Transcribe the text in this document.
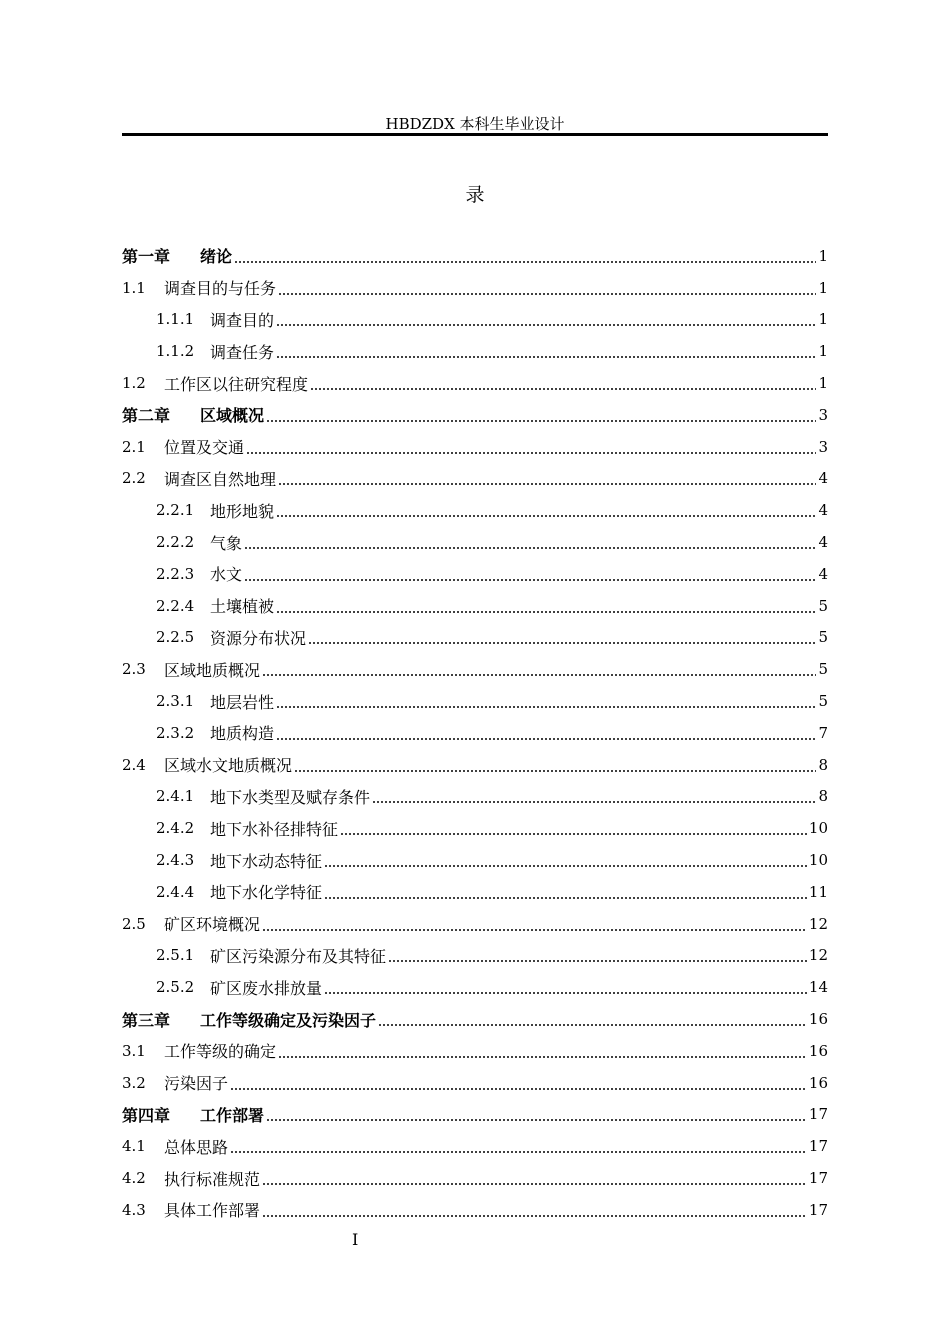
HBDZDX 本科生毕业设计
录
第一章	绪论	1
1.1	调查目的与任务	1
1.1.1 调查目的	1
1.1.2 调查任务	1
1.2	工作区以往研究程度	1
第二章	区域概况	3
2.1	位置及交通	3
2.2	调查区自然地理	4
2.2.1 地形地貌	4
2.2.2 气象	4
2.2.3 水文	4
2.2.4 土壤植被	5
2.2.5 资源分布状况	5
2.3	区域地质概况	5
2.3.1 地层岩性	5
2.3.2 地质构造	7
2.4	区域水文地质概况	8
2.4.1 地下水类型及赋存条件	8
2.4.2 地下水补径排特征	10
2.4.3 地下水动态特征	10
2.4.4 地下水化学特征	11
2.5	矿区环境概况	12
2.5.1 矿区污染源分布及其特征	12
2.5.2 矿区废水排放量	14
第三章	工作等级确定及污染因子	16
3.1	工作等级的确定	16
3.2	污染因子	16
第四章	工作部署	17
4.1	总体思路	17
4.2	执行标准规范	17
4.3	具体工作部署	17
I
